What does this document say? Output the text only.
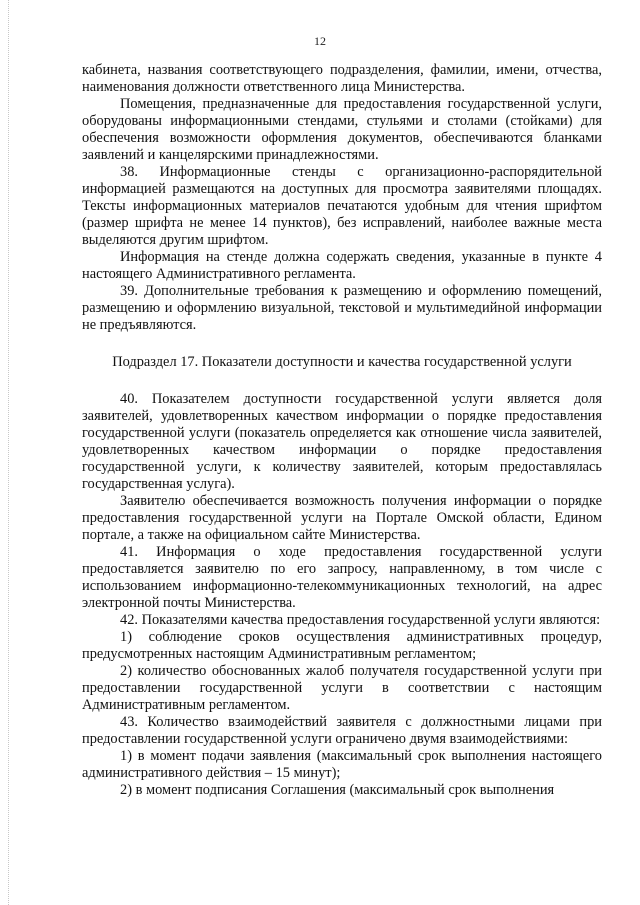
12

кабинета, названия соответствующего подразделения, фамилии, имени, отчества, наименования должности ответственного лица Министерства.

Помещения, предназначенные для предоставления государственной услуги, оборудованы информационными стендами, стульями и столами (стойками) для обеспечения возможности оформления документов, обеспечиваются бланками заявлений и канцелярскими принадлежностями.

38. Информационные стенды с организационно-распорядительной информацией размещаются на доступных для просмотра заявителями площадях. Тексты информационных материалов печатаются удобным для чтения шрифтом (размер шрифта не менее 14 пунктов), без исправлений, наиболее важные места выделяются другим шрифтом.

Информация на стенде должна содержать сведения, указанные в пункте 4 настоящего Административного регламента.

39. Дополнительные требования к размещению и оформлению помещений, размещению и оформлению визуальной, текстовой и мультимедийной информации не предъявляются.

Подраздел 17. Показатели доступности и качества государственной услуги

40. Показателем доступности государственной услуги является доля заявителей, удовлетворенных качеством информации о порядке предоставления государственной услуги (показатель определяется как отношение числа заявителей, удовлетворенных качеством информации о порядке предоставления государственной услуги, к количеству заявителей, которым предоставлялась государственная услуга).

Заявителю обеспечивается возможность получения информации о порядке предоставления государственной услуги на Портале Омской области, Едином портале, а также на официальном сайте Министерства.

41. Информация о ходе предоставления государственной услуги предоставляется заявителю по его запросу, направленному, в том числе с использованием информационно-телекоммуникационных технологий, на адрес электронной почты Министерства.

42. Показателями качества предоставления государственной услуги являются:

1) соблюдение сроков осуществления административных процедур, предусмотренных настоящим Административным регламентом;

2) количество обоснованных жалоб получателя государственной услуги при предоставлении государственной услуги в соответствии с настоящим Административным регламентом.

43. Количество взаимодействий заявителя с должностными лицами при предоставлении государственной услуги ограничено двумя взаимодействиями:

1) в момент подачи заявления (максимальный срок выполнения настоящего административного действия – 15 минут);

2) в момент подписания Соглашения (максимальный срок выполнения
